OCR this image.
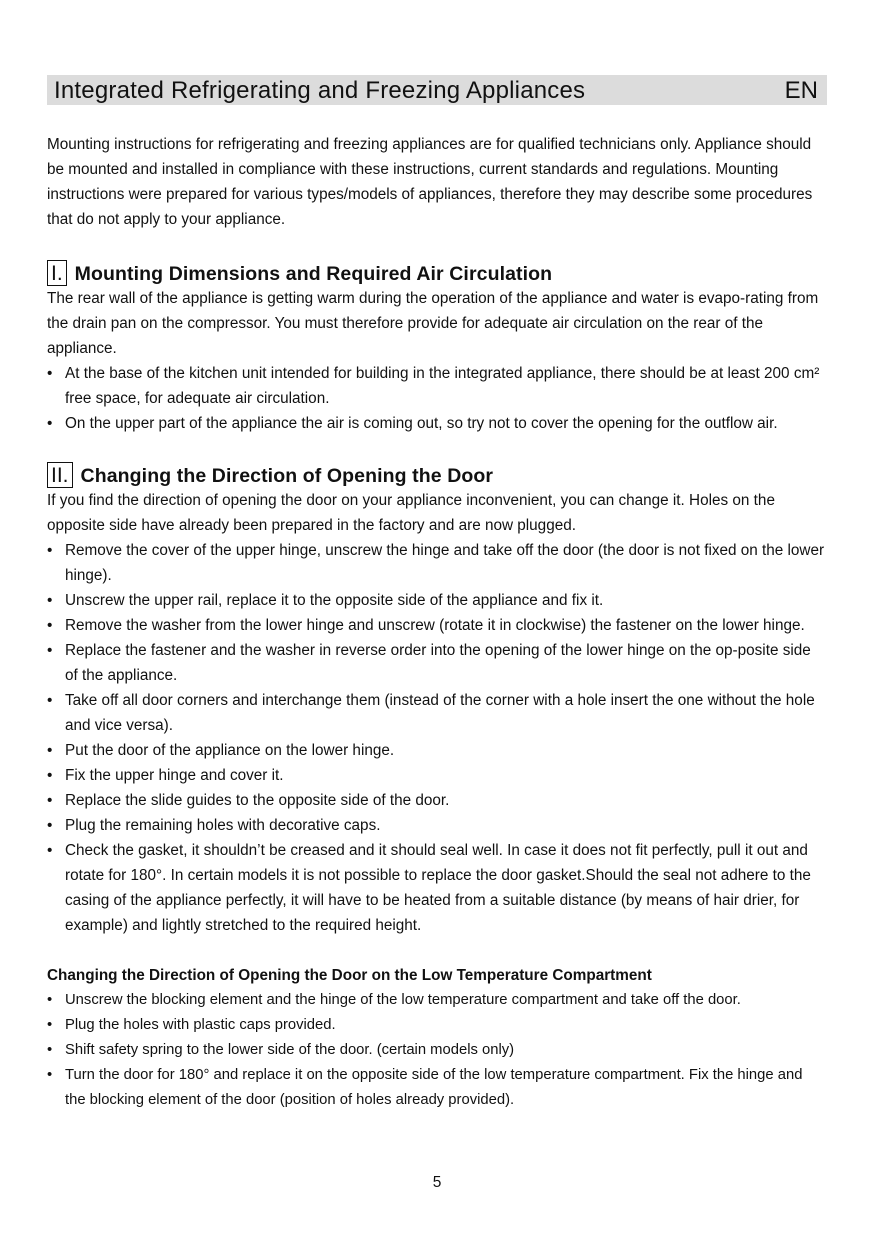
Integrated Refrigerating and Freezing Appliances	EN

Mounting instructions for refrigerating and freezing appliances are for qualified technicians only. Appliance should be mounted and installed in compliance with these instructions, current standards and regulations. Mounting instructions were prepared for various types/models of appliances, therefore they may describe some procedures that do not apply to your appliance.

I. Mounting Dimensions and Required Air Circulation

The rear wall of the appliance is getting warm during the operation of the appliance and water is evapo-rating from the drain pan on the compressor. You must therefore provide for adequate air circulation on the rear of the appliance.

• At the base of the kitchen unit intended for building in the integrated appliance, there should be at least 200 cm² free space, for adequate air circulation.
• On the upper part of the appliance the air is coming out, so try not to cover the opening for the outflow air.
II. Changing the Direction of Opening the Door

If you find the direction of opening the door on your appliance inconvenient, you can change it. Holes on the opposite side have already been prepared in the factory and are now plugged.

• Remove the cover of the upper hinge, unscrew the hinge and take off the door (the door is not fixed on the lower hinge).
• Unscrew the upper rail, replace it to the opposite side of the appliance and fix it.
• Remove the washer from the lower hinge and unscrew (rotate it in clockwise) the fastener on the lower hinge.
• Replace the fastener and the washer in reverse order into the opening of the lower hinge on the op-posite side of the appliance.
• Take off all door corners and interchange them (instead of the corner with a hole insert the one without the hole and vice versa).
• Put the door of the appliance on the lower hinge.
• Fix the upper hinge and cover it.
• Replace the slide guides to the opposite side of the door.
• Plug the remaining holes with decorative caps.
• Check the gasket, it shouldn’t be creased and it should seal well. In case it does not fit perfectly, pull it out and rotate for 180°. In certain models it is not possible to replace the door gasket.Should the seal not adhere to the casing of the appliance perfectly, it will have to be heated from a suitable distance (by means of hair drier, for example) and lightly stretched to the required height.

Changing the Direction of Opening the Door on the Low Temperature Compartment

• Unscrew the blocking element and the hinge of the low temperature compartment and take off the door.
• Plug the holes with plastic caps provided.
• Shift safety spring to the lower side of the door. (certain models only)
• Turn the door for 180° and replace it on the opposite side of the low temperature compartment. Fix the hinge and the blocking element of the door (position of holes already provided).
5
